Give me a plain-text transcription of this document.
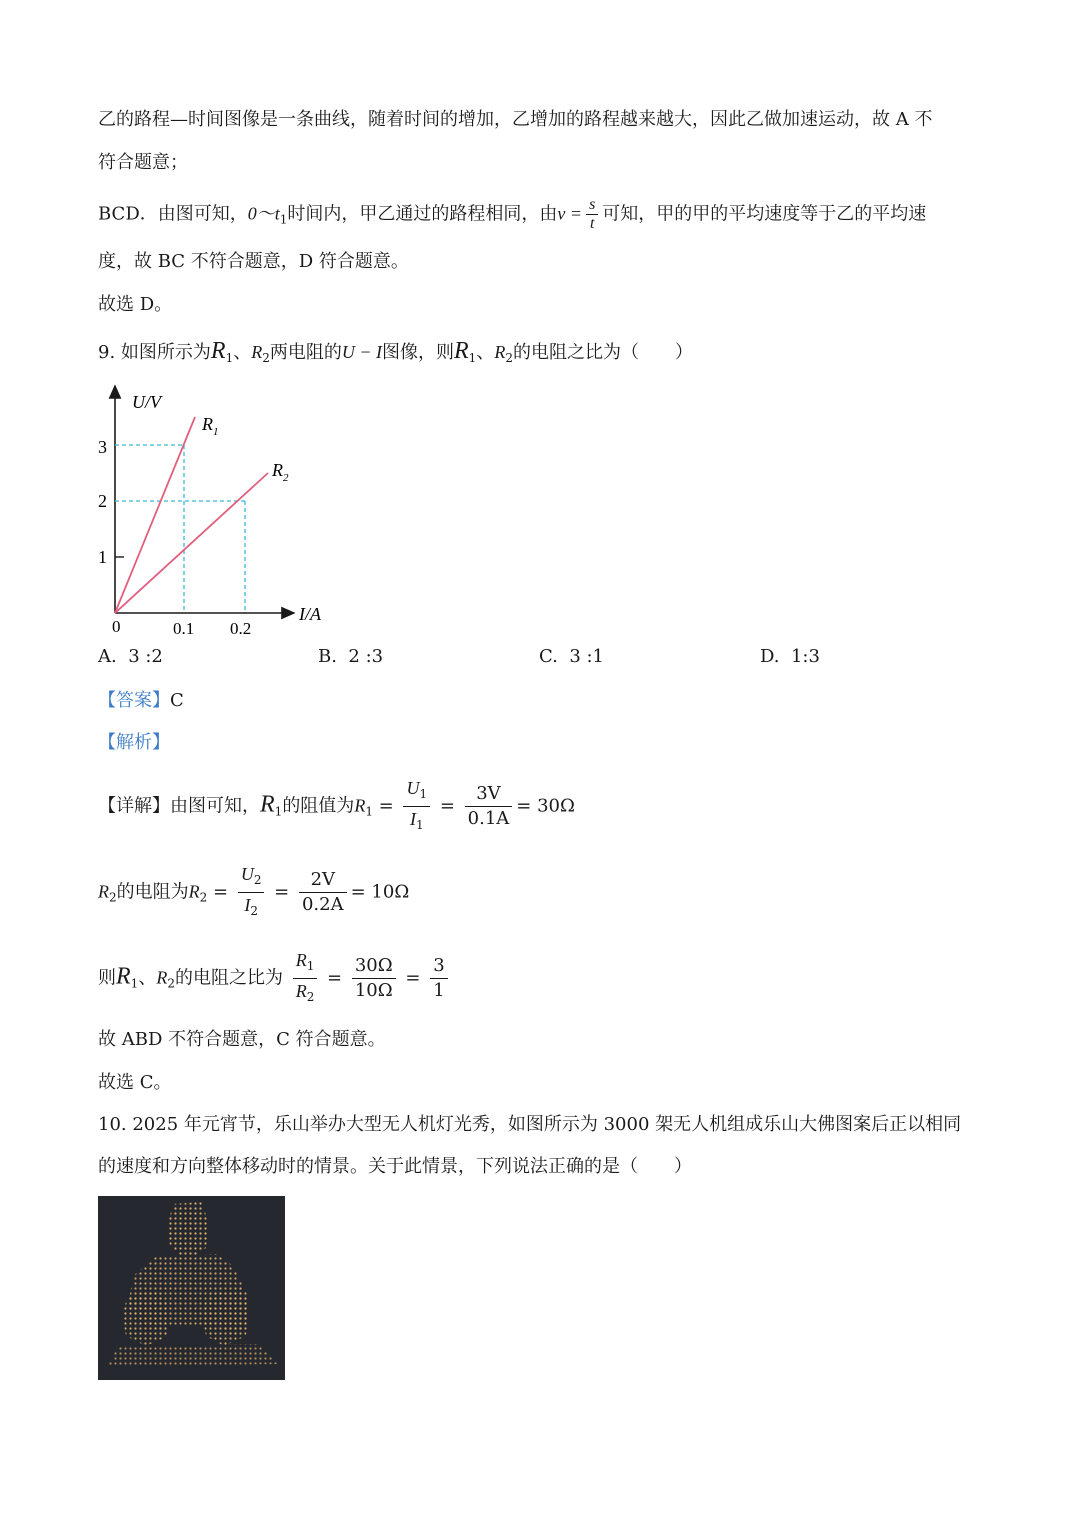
乙的路程—时间图像是一条曲线，随着时间的增加，乙增加的路程越来越大，因此乙做加速运动，故 A 不
符合题意；
BCD．由图可知，$0\sim t_1$时间内，甲乙通过的路程相同，由$v = \frac{s}{t}$ 可知，甲的甲的平均速度等于乙的平均速
度，故 BC 不符合题意，D 符合题意。
故选 D。
9. 如图所示为$R_1$、$R_2$两电阻的U − I图像，则$R_1$、$R_2$的电阻之比为（　　）
U/V
I/A
0
1
2
3
0.1 0.2
$R_1$
$R_2$
A. 3 :2	B. 2 :3	C. 3 :1	D. 1:3
【答案】C
【解析】
【详解】由图可知，$R_1$的阻值为$R_1 = \frac{U_1}{I_1} = \frac{3V}{0.1A} = 30\Omega$
$R_2$的电阻为$R_2 = \frac{U_2}{I_2} = \frac{2V}{0.2A} = 10\Omega$
则$R_1$、$R_2$的电阻之比为 $\frac{R_1}{R_2} = \frac{30\Omega}{10\Omega} = \frac{3}{1}$
故 ABD 不符合题意，C 符合题意。
故选 C。
10. 2025 年元宵节，乐山举办大型无人机灯光秀，如图所示为 3000 架无人机组成乐山大佛图案后正以相同
的速度和方向整体移动时的情景。关于此情景，下列说法正确的是（　　）
